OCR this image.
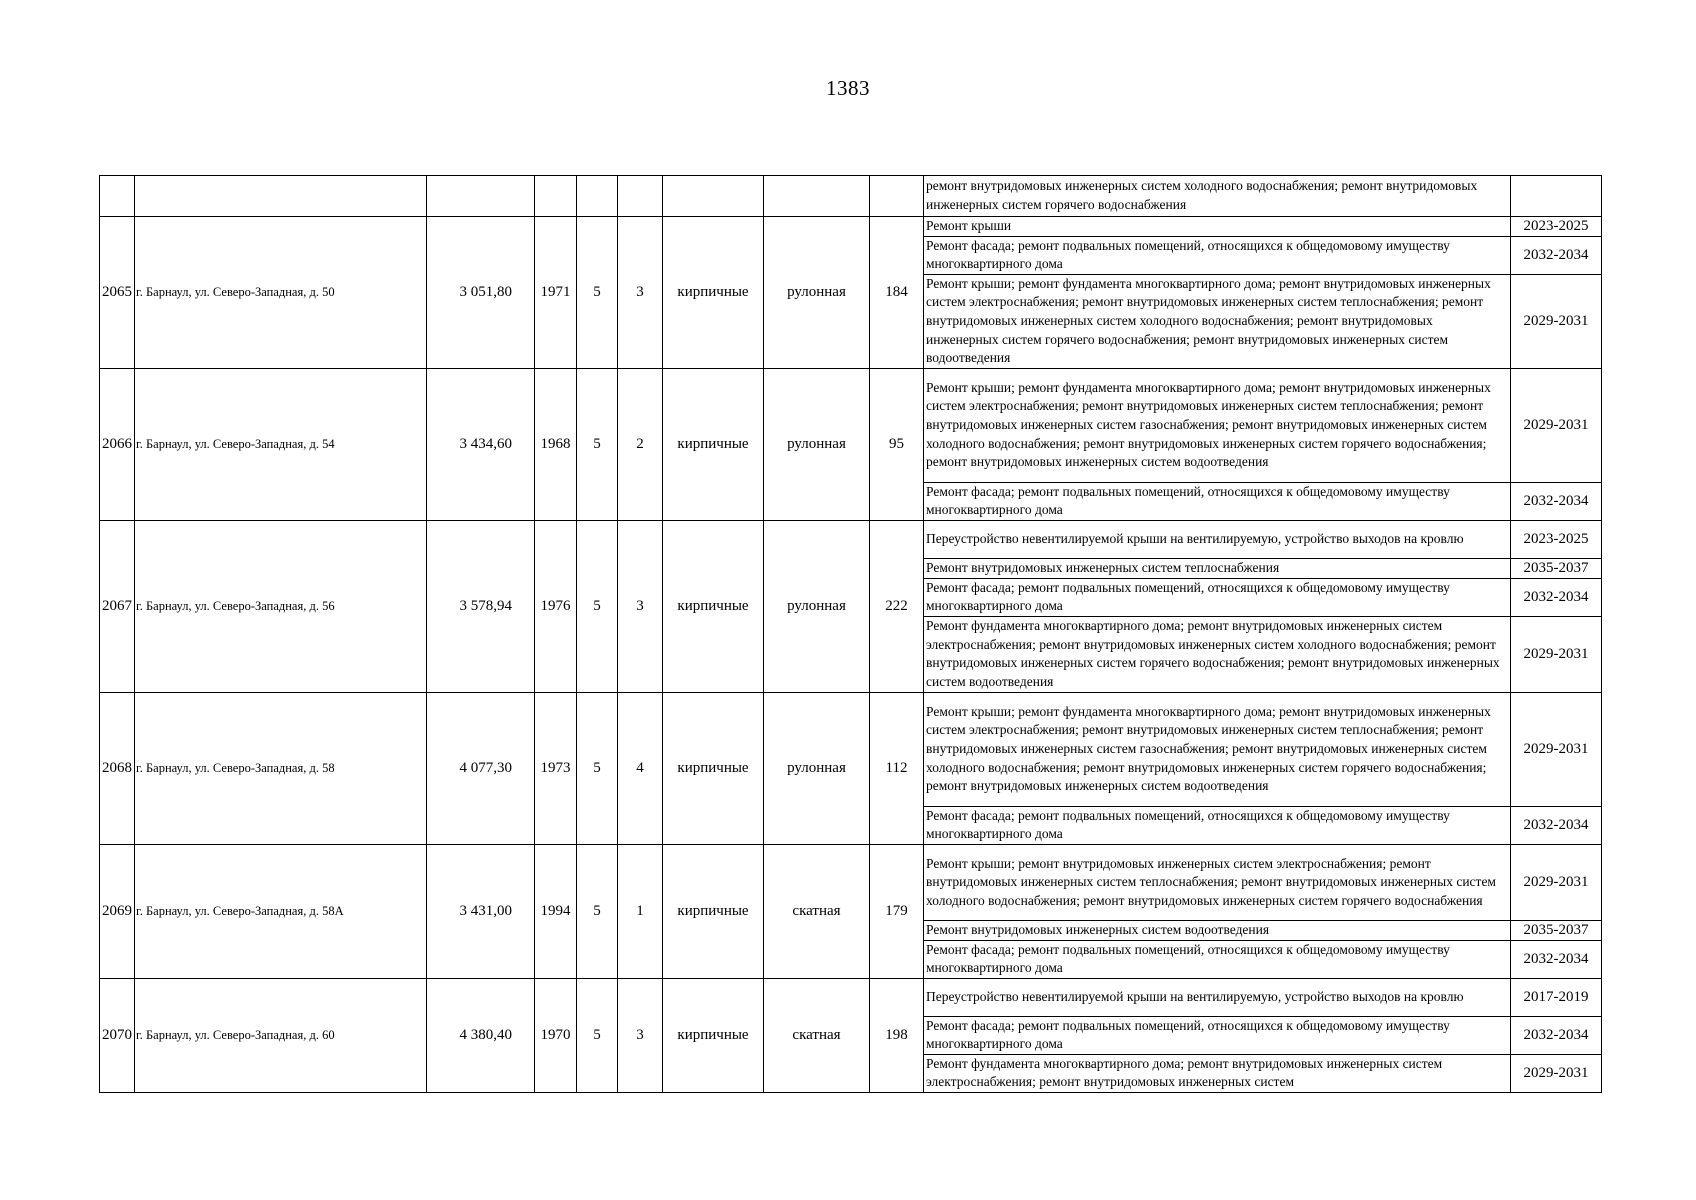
1383
									ремонт внутридомовых инженерных систем холодного водоснабжения; ремонт внутридомовых инженерных систем горячего водоснабжения	
2065	г. Барнаул, ул. Северо-Западная, д. 50	3 051,80	1971	5	3	кирпичные	рулонная	184	Ремонт крыши	2023-2025
									Ремонт фасада; ремонт подвальных помещений, относящихся к общедомовому имуществу многоквартирного дома	2032-2034
									Ремонт крыши; ремонт фундамента многоквартирного дома; ремонт внутридомовых инженерных систем электроснабжения; ремонт внутридомовых инженерных систем теплоснабжения; ремонт внутридомовых инженерных систем холодного водоснабжения; ремонт внутридомовых инженерных систем горячего водоснабжения; ремонт внутридомовых инженерных систем водоотведения	2029-2031
2066	г. Барнаул, ул. Северо-Западная, д. 54	3 434,60	1968	5	2	кирпичные	рулонная	95	Ремонт крыши; ремонт фундамента многоквартирного дома; ремонт внутридомовых инженерных систем электроснабжения; ремонт внутридомовых инженерных систем теплоснабжения; ремонт внутридомовых инженерных систем газоснабжения; ремонт внутридомовых инженерных систем холодного водоснабжения; ремонт внутридомовых инженерных систем горячего водоснабжения; ремонт внутридомовых инженерных систем водоотведения	2029-2031
									Ремонт фасада; ремонт подвальных помещений, относящихся к общедомовому имуществу многоквартирного дома	2032-2034
2067	г. Барнаул, ул. Северо-Западная, д. 56	3 578,94	1976	5	3	кирпичные	рулонная	222	Переустройство невентилируемой крыши на вентилируемую, устройство выходов на кровлю	2023-2025
									Ремонт внутридомовых инженерных систем теплоснабжения	2035-2037
									Ремонт фасада; ремонт подвальных помещений, относящихся к общедомовому имуществу многоквартирного дома	2032-2034
									Ремонт фундамента многоквартирного дома; ремонт внутридомовых инженерных систем электроснабжения; ремонт внутридомовых инженерных систем холодного водоснабжения; ремонт внутридомовых инженерных систем горячего водоснабжения; ремонт внутридомовых инженерных систем водоотведения	2029-2031
2068	г. Барнаул, ул. Северо-Западная, д. 58	4 077,30	1973	5	4	кирпичные	рулонная	112	Ремонт крыши; ремонт фундамента многоквартирного дома; ремонт внутридомовых инженерных систем электроснабжения; ремонт внутридомовых инженерных систем теплоснабжения; ремонт внутридомовых инженерных систем газоснабжения; ремонт внутридомовых инженерных систем холодного водоснабжения; ремонт внутридомовых инженерных систем горячего водоснабжения; ремонт внутридомовых инженерных систем водоотведения	2029-2031
									Ремонт фасада; ремонт подвальных помещений, относящихся к общедомовому имуществу многоквартирного дома	2032-2034
2069	г. Барнаул, ул. Северо-Западная, д. 58А	3 431,00	1994	5	1	кирпичные	скатная	179	Ремонт крыши; ремонт внутридомовых инженерных систем электроснабжения; ремонт внутридомовых инженерных систем теплоснабжения; ремонт внутридомовых инженерных систем холодного водоснабжения; ремонт внутридомовых инженерных систем горячего водоснабжения	2029-2031
									Ремонт внутридомовых инженерных систем водоотведения	2035-2037
									Ремонт фасада; ремонт подвальных помещений, относящихся к общедомовому имуществу многоквартирного дома	2032-2034
2070	г. Барнаул, ул. Северо-Западная, д. 60	4 380,40	1970	5	3	кирпичные	скатная	198	Переустройство невентилируемой крыши на вентилируемую, устройство выходов на кровлю	2017-2019
									Ремонт фасада; ремонт подвальных помещений, относящихся к общедомовому имуществу многоквартирного дома	2032-2034
									Ремонт фундамента многоквартирного дома; ремонт внутридомовых инженерных систем электроснабжения; ремонт внутридомовых инженерных систем	2029-2031
